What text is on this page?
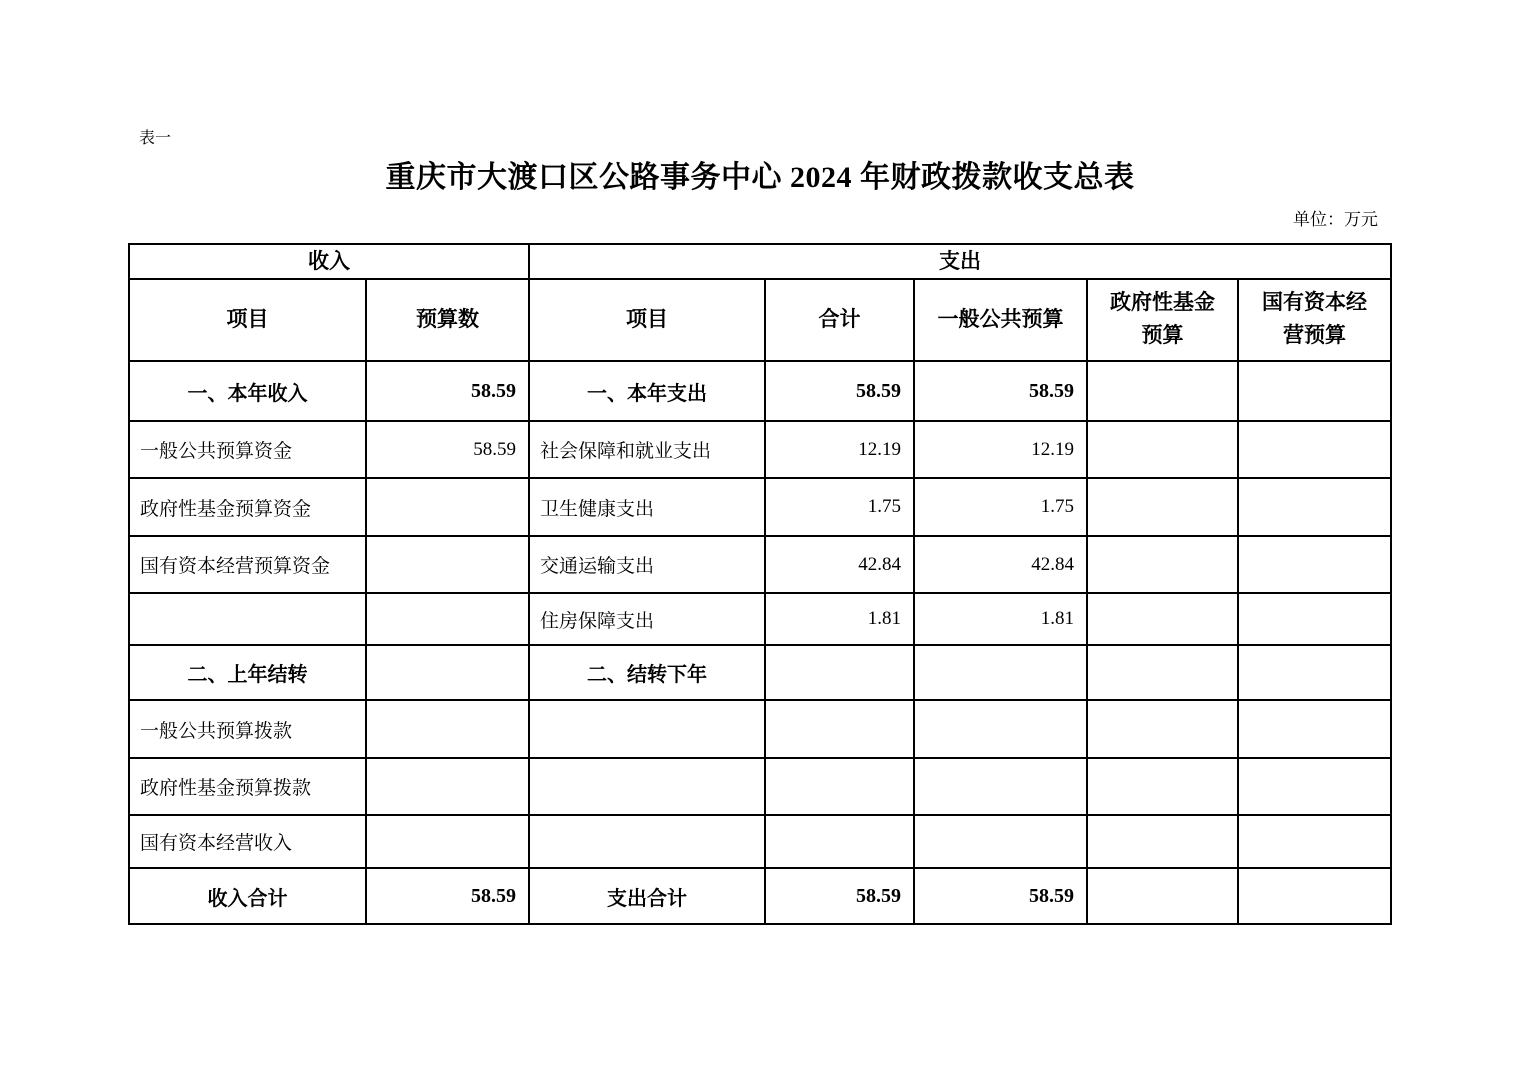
表一
重庆市大渡口区公路事务中心 2024 年财政拨款收支总表
单位：万元
收入		支出				
项目	预算数	项目	合计	一般公共预算	政府性基金预算	国有资本经营预算
一、本年收入	58.59	一、本年支出	58.59	58.59		
一般公共预算资金	58.59	社会保障和就业支出	12.19	12.19		
政府性基金预算资金		卫生健康支出	1.75	1.75		
国有资本经营预算资金		交通运输支出	42.84	42.84		
		住房保障支出	1.81	1.81		
二、上年结转		二、结转下年				
一般公共预算拨款						
政府性基金预算拨款						
国有资本经营收入						
收入合计	58.59	支出合计	58.59	58.59		
